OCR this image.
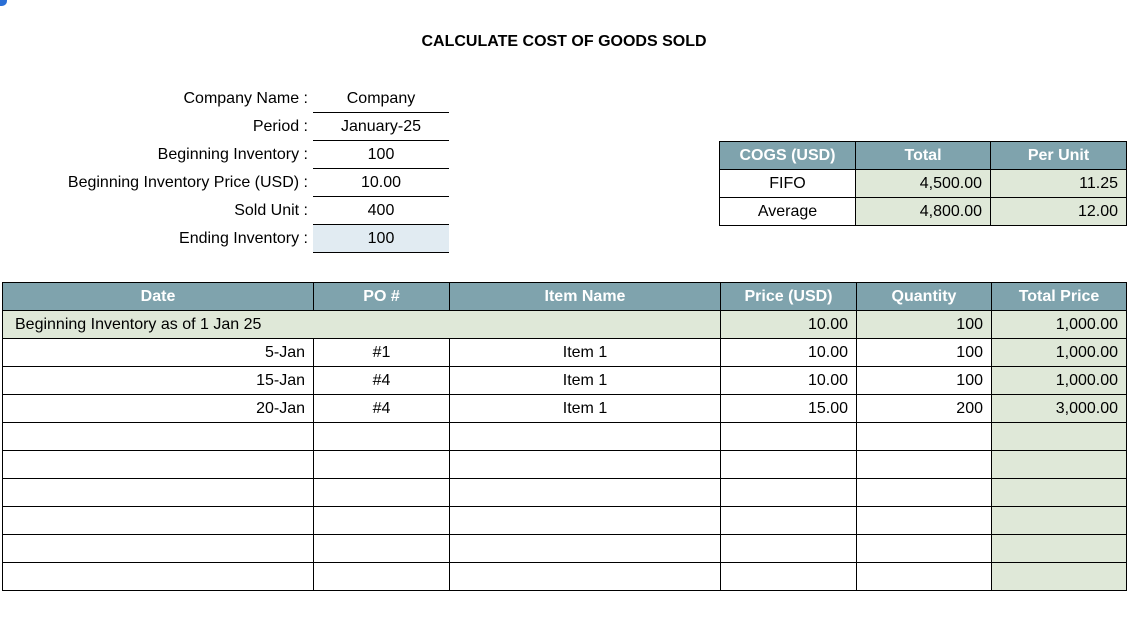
CALCULATE COST OF GOODS SOLD
Company Name :	Company
Period :	January-25
Beginning Inventory :	100
Beginning Inventory Price (USD) :	10.00
Sold Unit :	400
Ending Inventory :	100
COGS (USD)	Total	Per Unit
FIFO	4,500.00	11.25
Average	4,800.00	12.00
Date	PO #	Item Name	Price (USD)	Quantity	Total Price
Beginning Inventory as of 1 Jan 25			10.00	100	1,000.00
5-Jan	#1	Item 1	10.00	100	1,000.00
15-Jan	#4	Item 1	10.00	100	1,000.00
20-Jan	#4	Item 1	15.00	200	3,000.00
